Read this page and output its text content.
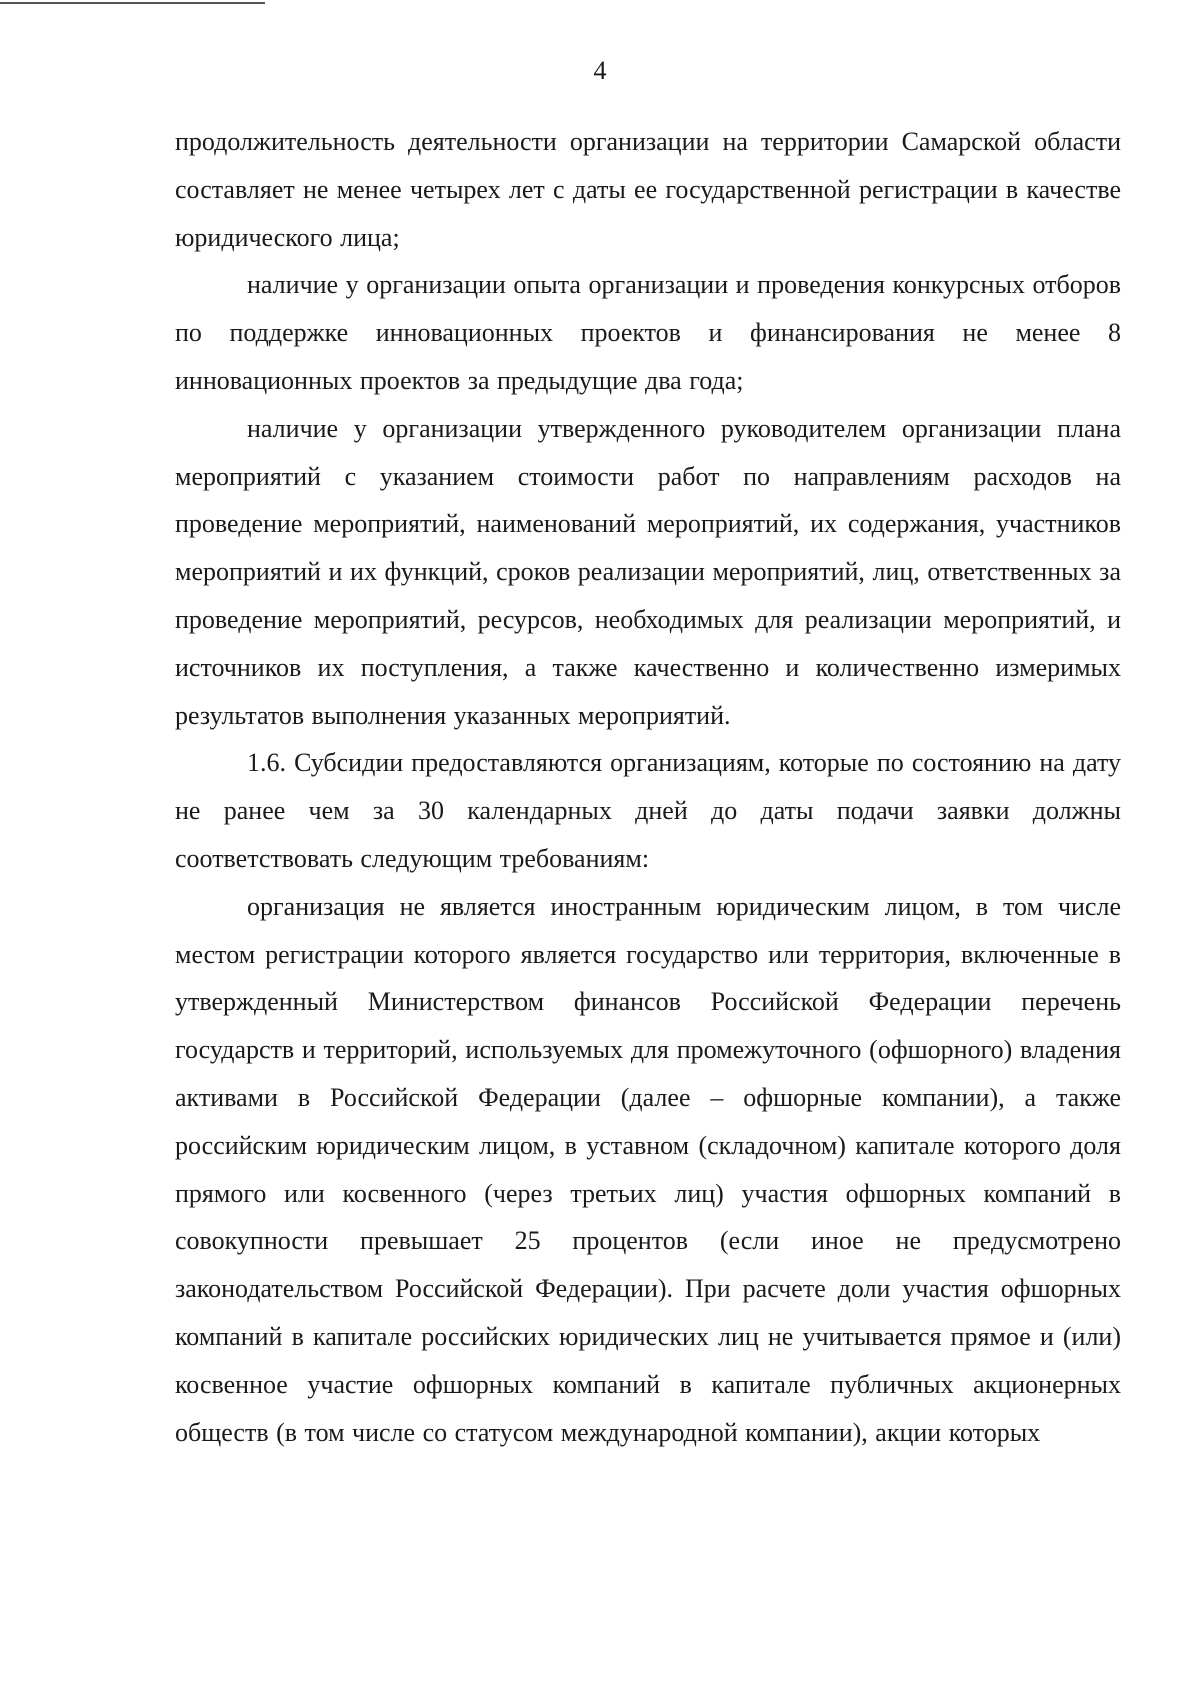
4

продолжительность деятельности организации на территории Самарской области составляет не менее четырех лет с даты ее государственной регистрации в качестве юридического лица;

наличие у организации опыта организации и проведения конкурсных отборов по поддержке инновационных проектов и финансирования не менее 8 инновационных проектов за предыдущие два года;

наличие у организации утвержденного руководителем организации плана мероприятий с указанием стоимости работ по направлениям расходов на проведение мероприятий, наименований мероприятий, их содержания, участников мероприятий и их функций, сроков реализации мероприятий, лиц, ответственных за проведение мероприятий, ресурсов, необходимых для реализации мероприятий, и источников их поступления, а также качественно и количественно измеримых результатов выполнения указанных мероприятий.

1.6. Субсидии предоставляются организациям, которые по состоянию на дату не ранее чем за 30 календарных дней до даты подачи заявки должны соответствовать следующим требованиям:

организация не является иностранным юридическим лицом, в том числе местом регистрации которого является государство или территория, включенные в утвержденный Министерством финансов Российской Федерации перечень государств и территорий, используемых для промежуточного (офшорного) владения активами в Российской Федерации (далее – офшорные компании), а также российским юридическим лицом, в уставном (складочном) капитале которого доля прямого или косвенного (через третьих лиц) участия офшорных компаний в совокупности превышает 25 процентов (если иное не предусмотрено законодательством Российской Федерации). При расчете доли участия офшорных компаний в капитале российских юридических лиц не учитывается прямое и (или) косвенное участие офшорных компаний в капитале публичных акционерных обществ (в том числе со статусом международной компании), акции которых
